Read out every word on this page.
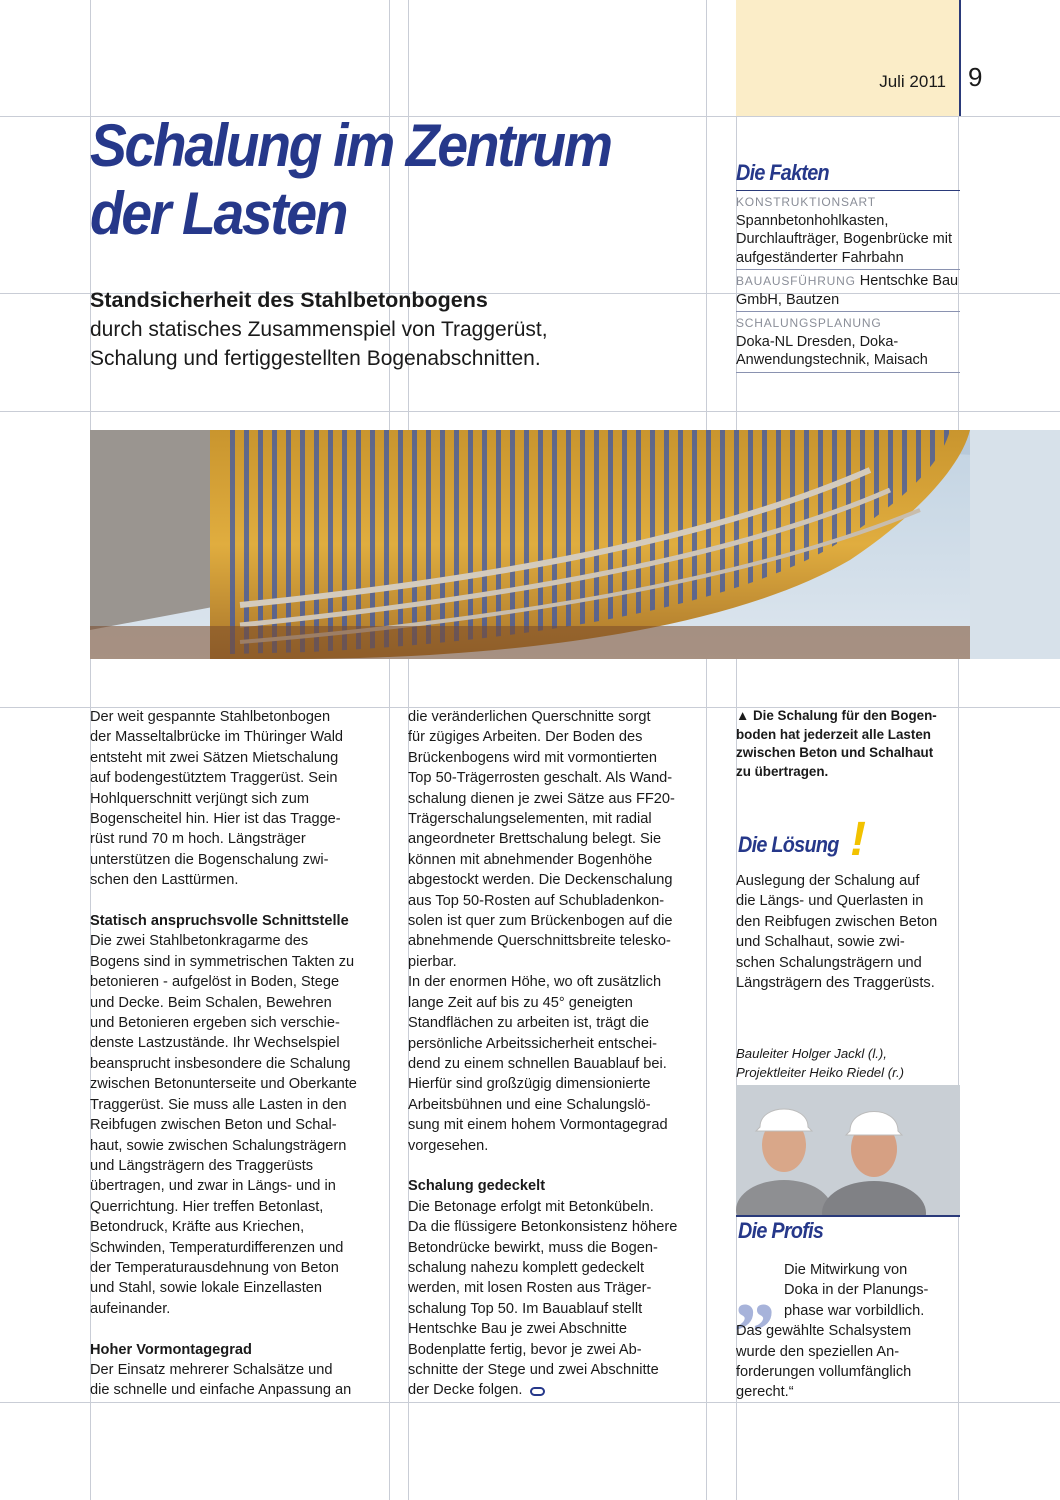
Juli 2011 9
Schalung im Zentrum
der Lasten
Standsicherheit des Stahlbetonbogens
durch statisches Zusammenspiel von Traggerüst,
Schalung und fertiggestellten Bogenabschnitten.
Die Fakten
KONSTRUKTIONSART
Spannbetonhohlkasten, Durchlaufträger, Bogenbrücke mit aufgeständerter Fahrbahn
BAUAUSFÜHRUNG Hentschke Bau GmbH, Bautzen
SCHALUNGSPLANUNG
Doka-NL Dresden, Doka-Anwendungstechnik, Maisach

Der weit gespannte Stahlbetonbogen
der Masseltalbrücke im Thüringer Wald
entsteht mit zwei Sätzen Mietschalung
auf bodengestütztem Traggerüst. Sein
Hohlquerschnitt verjüngt sich zum
Bogenscheitel hin. Hier ist das Tragge-
rüst rund 70 m hoch. Längsträger
unterstützen die Bogenschalung zwi-
schen den Lasttürmen.

Statisch anspruchsvolle Schnittstelle

Die zwei Stahlbetonkragarme des
Bogens sind in symmetrischen Takten zu
betonieren - aufgelöst in Boden, Stege
und Decke. Beim Schalen, Bewehren
und Betonieren ergeben sich verschie-
denste Lastzustände. Ihr Wechselspiel
beansprucht insbesondere die Schalung
zwischen Betonunterseite und Oberkante
Traggerüst. Sie muss alle Lasten in den
Reibfugen zwischen Beton und Schal-
haut, sowie zwischen Schalungsträgern
und Längsträgern des Traggerüsts
übertragen, und zwar in Längs- und in
Querrichtung. Hier treffen Betonlast,
Betondruck, Kräfte aus Kriechen,
Schwinden, Temperaturdifferenzen und
der Temperaturausdehnung von Beton
und Stahl, sowie lokale Einzellasten
aufeinander.

Hoher Vormontagegrad

Der Einsatz mehrerer Schalsätze und
die schnelle und einfache Anpassung an

die veränderlichen Querschnitte sorgt
für zügiges Arbeiten. Der Boden des
Brückenbogens wird mit vormontierten
Top 50-Trägerrosten geschalt. Als Wand-
schalung dienen je zwei Sätze aus FF20-
Trägerschalungselementen, mit radial
angeordneter Brettschalung belegt. Sie
können mit abnehmender Bogenhöhe
abgestockt werden. Die Deckenschalung
aus Top 50-Rosten auf Schubladenkon-
solen ist quer zum Brückenbogen auf die
abnehmende Querschnittsbreite telesko-
pierbar.

In der enormen Höhe, wo oft zusätzlich
lange Zeit auf bis zu 45° geneigten
Standflächen zu arbeiten ist, trägt die
persönliche Arbeitssicherheit entschei-
dend zu einem schnellen Bauablauf bei.
Hierfür sind großzügig dimensionierte
Arbeitsbühnen und eine Schalungslö-
sung mit einem hohem Vormontagegrad
vorgesehen.

Schalung gedeckelt

Die Betonage erfolgt mit Betonkübeln.
Da die flüssigere Betonkonsistenz höhere
Betondrücke bewirkt, muss die Bogen-
schalung nahezu komplett gedeckelt
werden, mit losen Rosten aus Träger-
schalung Top 50. Im Bauablauf stellt
Hentschke Bau je zwei Abschnitte
Bodenplatte fertig, bevor je zwei Ab-
schnitte der Stege und zwei Abschnitte
der Decke folgen.

▲ Die Schalung für den Bogen-
boden hat jederzeit alle Lasten
zwischen Beton und Schalhaut
zu übertragen.
Die Lösung !
Auslegung der Schalung auf
die Längs- und Querlasten in
den Reibfugen zwischen Beton
und Schalhaut, sowie zwi-
schen Schalungsträgern und
Längsträgern des Traggerüsts.
Bauleiter Holger Jackl (l.),
Projektleiter Heiko Riedel (r.)
Die Profis
„ Die Mitwirkung von
Doka in der Planungs-
phase war vorbildlich.
Das gewählte Schalsystem
wurde den speziellen An-
forderungen vollumfänglich
gerecht.“
